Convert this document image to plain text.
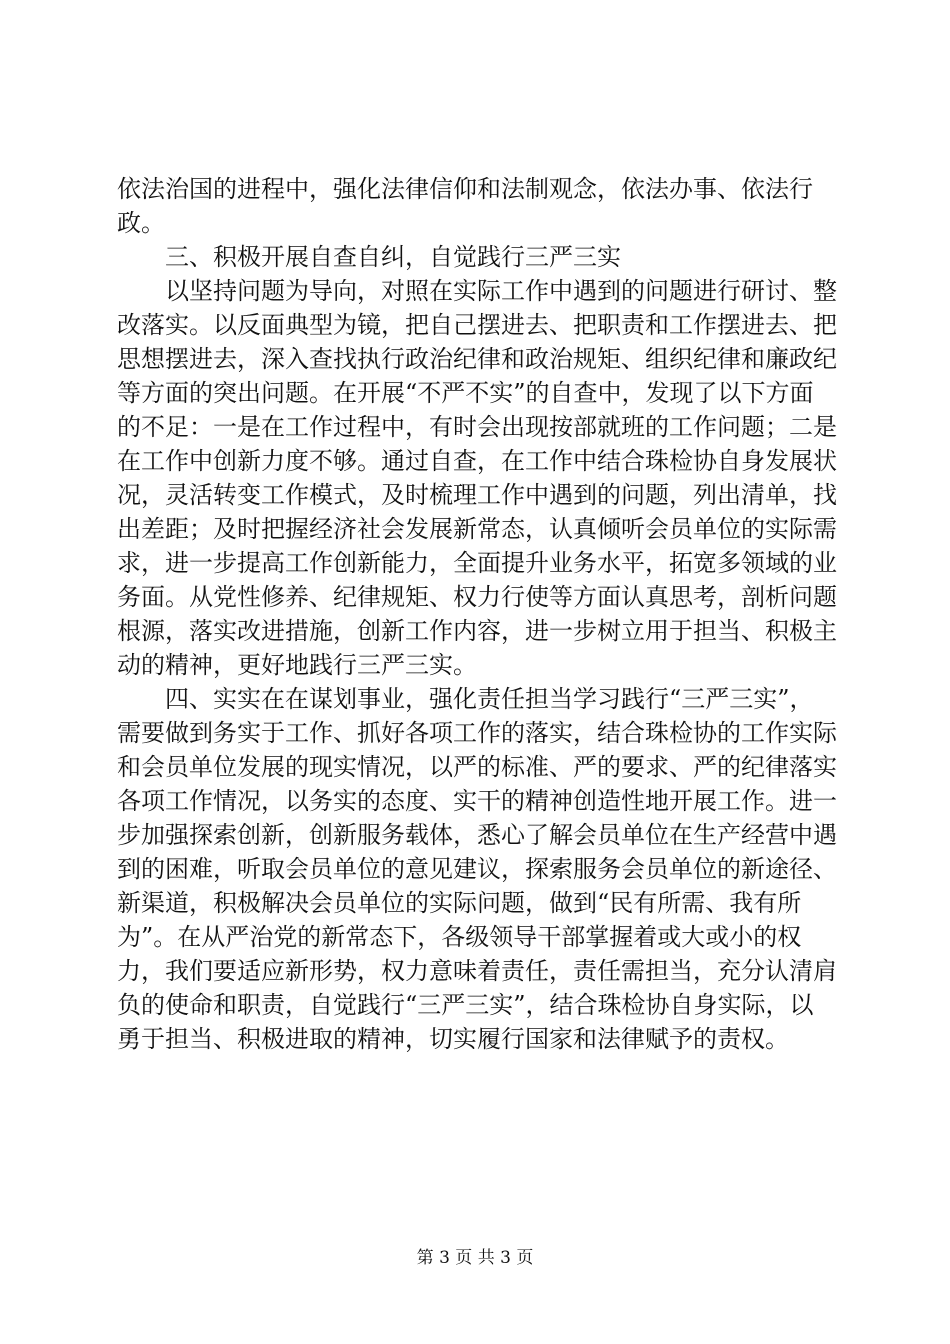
依法治国的进程中，强化法律信仰和法制观念，依法办事、依法行政。

三、积极开展自查自纠，自觉践行三严三实

以坚持问题为导向，对照在实际工作中遇到的问题进行研讨、整改落实。以反面典型为镜，把自己摆进去、把职责和工作摆进去、把思想摆进去，深入查找执行政治纪律和政治规矩、组织纪律和廉政纪等方面的突出问题。在开展“不严不实”的自查中，发现了以下方面的不足：一是在工作过程中，有时会出现按部就班的工作问题；二是在工作中创新力度不够。通过自查，在工作中结合珠检协自身发展状况，灵活转变工作模式，及时梳理工作中遇到的问题，列出清单，找出差距；及时把握经济社会发展新常态，认真倾听会员单位的实际需求，进一步提高工作创新能力，全面提升业务水平，拓宽多领域的业务面。从党性修养、纪律规矩、权力行使等方面认真思考，剖析问题根源，落实改进措施，创新工作内容，进一步树立用于担当、积极主动的精神，更好地践行三严三实。

四、实实在在谋划事业，强化责任担当学习践行“三严三实”，需要做到务实于工作、抓好各项工作的落实，结合珠检协的工作实际和会员单位发展的现实情况，以严的标准、严的要求、严的纪律落实各项工作情况，以务实的态度、实干的精神创造性地开展工作。进一步加强探索创新，创新服务载体，悉心了解会员单位在生产经营中遇到的困难，听取会员单位的意见建议，探索服务会员单位的新途径、新渠道，积极解决会员单位的实际问题，做到“民有所需、我有所为”。在从严治党的新常态下，各级领导干部掌握着或大或小的权力，我们要适应新形势，权力意味着责任，责任需担当，充分认清肩负的使命和职责，自觉践行“三严三实”，结合珠检协自身实际，以勇于担当、积极进取的精神，切实履行国家和法律赋予的责权。

第 3 页 共 3 页
